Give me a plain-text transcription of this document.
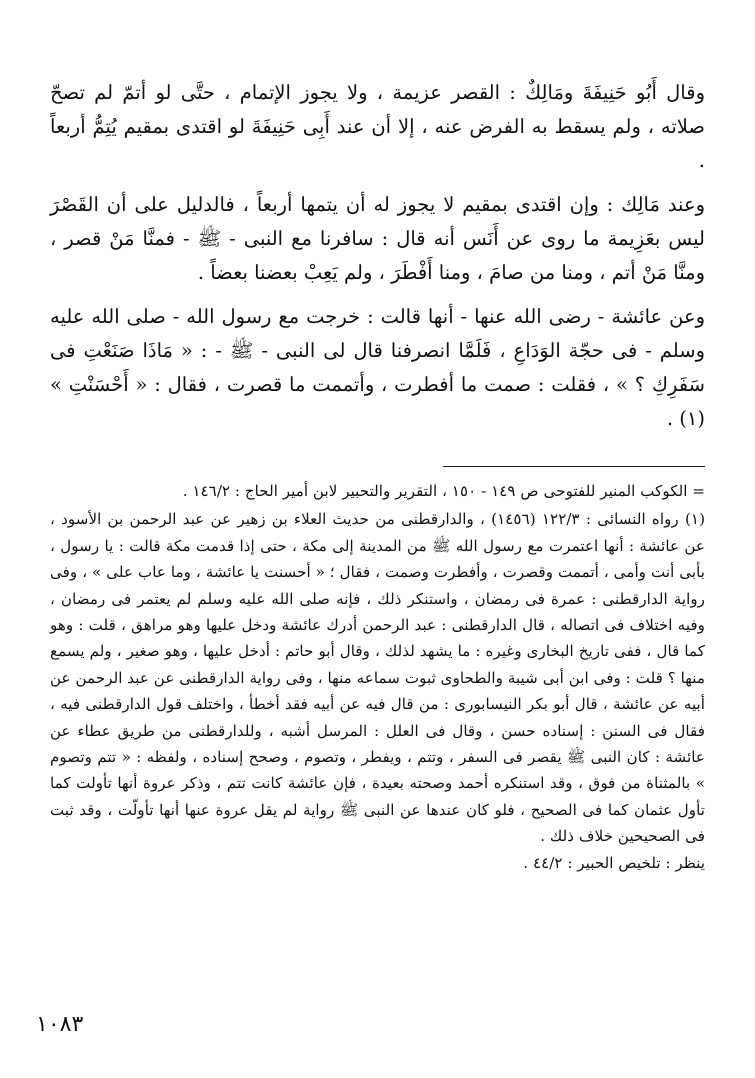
وقال أَبُو حَنِيفَةَ ومَالِكٌ : القصر عزيمة ، ولا يجوز الإتمام ، حتَّى لو أتمّ لم تصحّ صلاته ، ولم يسقط به الفرض عنه ، إلا أن عند أَبِى حَنِيفَةَ لو اقتدى بمقيم يُتِمُّ أربعاً .

وعند مَالِك : وإن اقتدى بمقيم لا يجوز له أن يتمها أربعاً ، فالدليل على أن القَصْرَ ليس بعَزِيمة ما روى عن أَنَس أنه قال : سافرنا مع النبى - ﷺ - فمنَّا مَنْ قصر ، ومنَّا مَنْ أتم ، ومنا من صامَ ، ومنا أَفْطَرَ ، ولم يَعِبْ بعضنا بعضاً .

وعن عائشة - رضى الله عنها - أنها قالت : خرجت مع رسول الله - صلى الله عليه وسلم - فى حجّة الوَدَاعِ ، فَلَمَّا انصرفنا قال لى النبى - ﷺ - : « مَاذَا صَنَعْتِ فى سَفَرِكِ ؟ » ، فقلت : صمت ما أفطرت ، وأتممت ما قصرت ، فقال : « أَحْسَنْتِ » (١) .

= الكوكب المنير للفتوحى ص ١٤٩ - ١٥٠ ، التقرير والتحبير لابن أمير الحاج : ١٤٦/٢ .

(١) رواه النسائى : ١٢٢/٣ (١٤٥٦) ، والدارقطنى من حديث العلاء بن زهير عن عبد الرحمن بن الأسود ، عن عائشة : أنها اعتمرت مع رسول الله ﷺ من المدينة إلى مكة ، حتى إذا قدمت مكة قالت : يا رسول ، بأبى أنت وأمى ، أتممت وقصرت ، وأفطرت وصمت ، فقال ؛ « أحسنت يا عائشة ، وما عاب على » ، وفى رواية الدارقطنى : عمرة فى رمضان ، واستنكر ذلك ، فإنه صلى الله عليه وسلم لم يعتمر فى رمضان ، وفيه اختلاف فى اتصاله ، قال الدارقطنى : عبد الرحمن أدرك عائشة ودخل عليها وهو مراهق ، قلت : وهو كما قال ، ففى تاريخ البخارى وغيره : ما يشهد لذلك ، وقال أبو حاتم : أدخل عليها ، وهو صغير ، ولم يسمع منها ؟ قلت : وفى ابن أبى شيبة والطحاوى ثبوت سماعه منها ، وفى رواية الدارقطنى عن عبد الرحمن عن أبيه عن عائشة ، قال أبو بكر النيسابورى : من قال فيه عن أبيه فقد أخطأ ، واختلف قول الدارقطنى فيه ، فقال فى السنن : إسناده حسن ، وقال فى العلل : المرسل أشبه ، وللدارقطنى من طريق عطاء عن عائشة : كان النبى ﷺ يقصر فى السفر ، وتتم ، ويفطر ، وتصوم ، وصحح إسناده ، ولفظه : « تتم وتصوم » بالمثناة من فوق ، وقد استنكره أحمد وصحته بعيدة ، فإن عائشة كانت تتم ، وذكر عروة أنها تأولت كما تأول عثمان كما فى الصحيح ، فلو كان عندها عن النبى ﷺ رواية لم يقل عروة عنها أنها تأولّت ، وقد ثبت فى الصحيحين خلاف ذلك .

ينظر : تلخيص الحبير : ٤٤/٢ .

١٠٨٣
